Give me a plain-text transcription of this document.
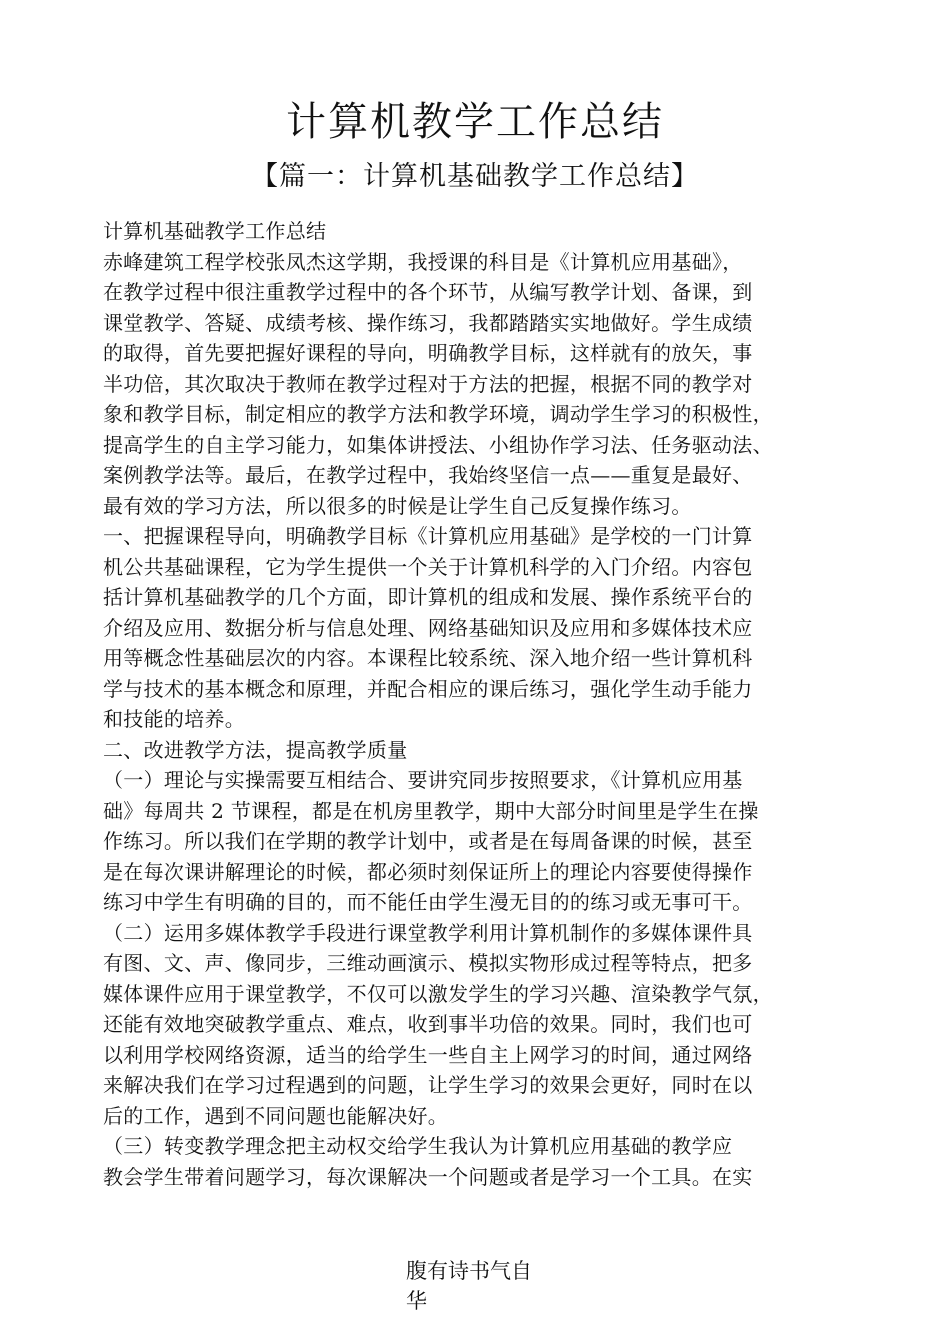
计算机教学工作总结
【篇一：计算机基础教学工作总结】
计算机基础教学工作总结
赤峰建筑工程学校张凤杰这学期，我授课的科目是《计算机应用基础》，
在教学过程中很注重教学过程中的各个环节，从编写教学计划、备课，到
课堂教学、答疑、成绩考核、操作练习，我都踏踏实实地做好。学生成绩
的取得，首先要把握好课程的导向，明确教学目标，这样就有的放矢，事
半功倍，其次取决于教师在教学过程对于方法的把握，根据不同的教学对
象和教学目标，制定相应的教学方法和教学环境，调动学生学习的积极性，
提高学生的自主学习能力，如集体讲授法、小组协作学习法、任务驱动法、
案例教学法等。最后，在教学过程中，我始终坚信一点——重复是最好、
最有效的学习方法，所以很多的时候是让学生自己反复操作练习。
一、把握课程导向，明确教学目标《计算机应用基础》是学校的一门计算
机公共基础课程，它为学生提供一个关于计算机科学的入门介绍。内容包
括计算机基础教学的几个方面，即计算机的组成和发展、操作系统平台的
介绍及应用、数据分析与信息处理、网络基础知识及应用和多媒体技术应
用等概念性基础层次的内容。本课程比较系统、深入地介绍一些计算机科
学与技术的基本概念和原理，并配合相应的课后练习，强化学生动手能力
和技能的培养。
二、改进教学方法，提高教学质量
（一）理论与实操需要互相结合、要讲究同步按照要求，《计算机应用基
础》每周共 2 节课程，都是在机房里教学，期中大部分时间里是学生在操
作练习。所以我们在学期的教学计划中，或者是在每周备课的时候，甚至
是在每次课讲解理论的时候，都必须时刻保证所上的理论内容要使得操作
练习中学生有明确的目的，而不能任由学生漫无目的的练习或无事可干。
（二）运用多媒体教学手段进行课堂教学利用计算机制作的多媒体课件具
有图、文、声、像同步，三维动画演示、模拟实物形成过程等特点，把多
媒体课件应用于课堂教学，不仅可以激发学生的学习兴趣、渲染教学气氛，
还能有效地突破教学重点、难点，收到事半功倍的效果。同时，我们也可
以利用学校网络资源，适当的给学生一些自主上网学习的时间，通过网络
来解决我们在学习过程遇到的问题，让学生学习的效果会更好，同时在以
后的工作，遇到不同问题也能解决好。
（三）转变教学理念把主动权交给学生我认为计算机应用基础的教学应
教会学生带着问题学习，每次课解决一个问题或者是学习一个工具。在实
腹有诗书气自
华
